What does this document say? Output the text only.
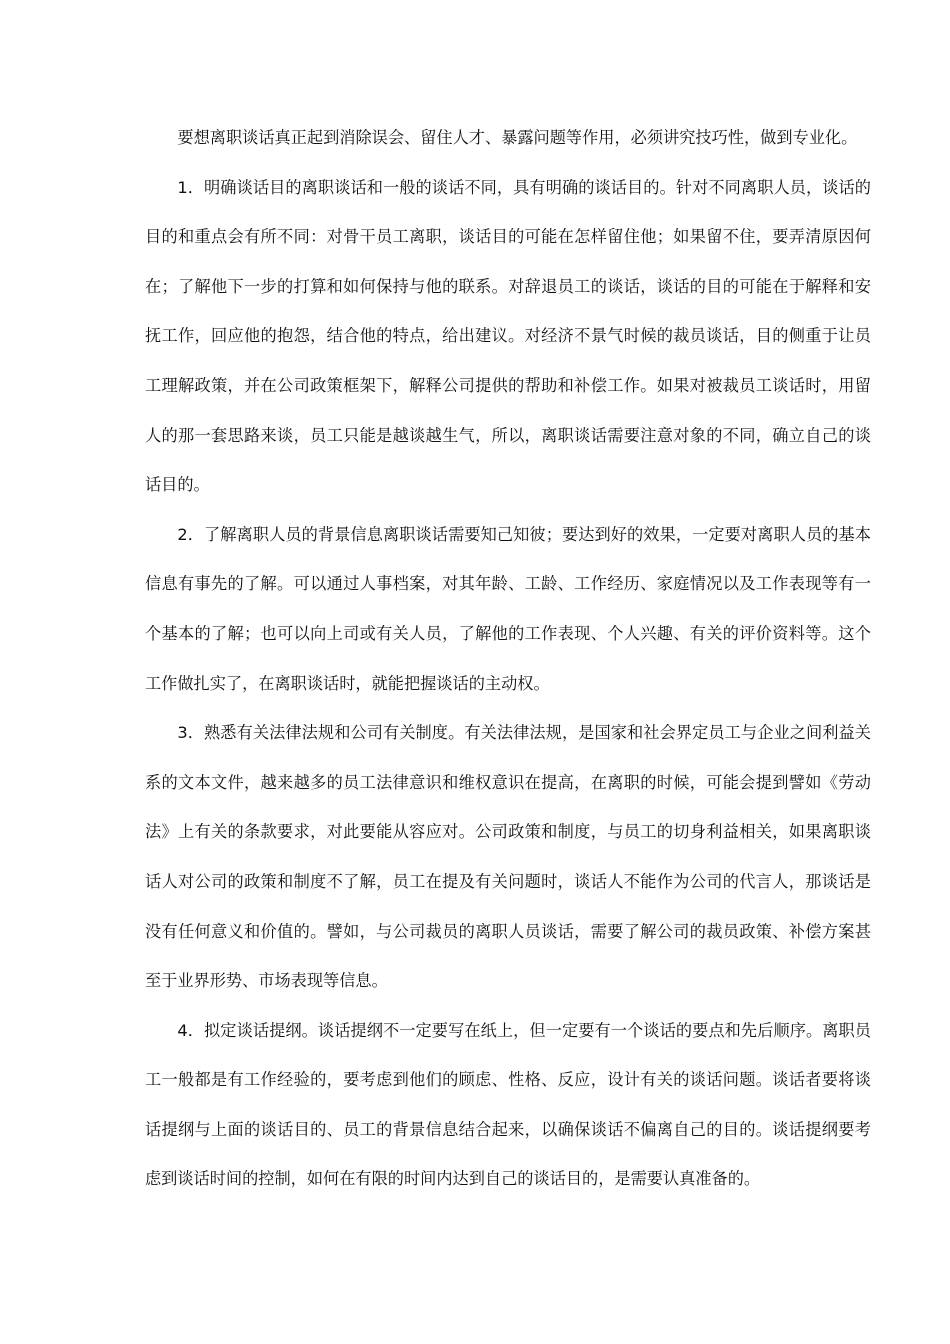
要想离职谈话真正起到消除误会、留住人才、暴露问题等作用，必须讲究技巧性，做到专业化。

1．明确谈话目的离职谈话和一般的谈话不同，具有明确的谈话目的。针对不同离职人员，谈话的目的和重点会有所不同：对骨干员工离职，谈话目的可能在怎样留住他；如果留不住，要弄清原因何在；了解他下一步的打算和如何保持与他的联系。对辞退员工的谈话，谈话的目的可能在于解释和安抚工作，回应他的抱怨，结合他的特点，给出建议。对经济不景气时候的裁员谈话，目的侧重于让员工理解政策，并在公司政策框架下，解释公司提供的帮助和补偿工作。如果对被裁员工谈话时，用留人的那一套思路来谈，员工只能是越谈越生气，所以，离职谈话需要注意对象的不同，确立自己的谈话目的。

2．了解离职人员的背景信息离职谈话需要知己知彼；要达到好的效果，一定要对离职人员的基本信息有事先的了解。可以通过人事档案，对其年龄、工龄、工作经历、家庭情况以及工作表现等有一个基本的了解；也可以向上司或有关人员，了解他的工作表现、个人兴趣、有关的评价资料等。这个工作做扎实了，在离职谈话时，就能把握谈话的主动权。

3．熟悉有关法律法规和公司有关制度。有关法律法规，是国家和社会界定员工与企业之间利益关系的文本文件，越来越多的员工法律意识和维权意识在提高，在离职的时候，可能会提到譬如《劳动法》上有关的条款要求，对此要能从容应对。公司政策和制度，与员工的切身利益相关，如果离职谈话人对公司的政策和制度不了解，员工在提及有关问题时，谈话人不能作为公司的代言人，那谈话是没有任何意义和价值的。譬如，与公司裁员的离职人员谈话，需要了解公司的裁员政策、补偿方案甚至于业界形势、市场表现等信息。

4．拟定谈话提纲。谈话提纲不一定要写在纸上，但一定要有一个谈话的要点和先后顺序。离职员工一般都是有工作经验的，要考虑到他们的顾虑、性格、反应，设计有关的谈话问题。谈话者要将谈话提纲与上面的谈话目的、员工的背景信息结合起来，以确保谈话不偏离自己的目的。谈话提纲要考虑到谈话时间的控制，如何在有限的时间内达到自己的谈话目的，是需要认真准备的。
